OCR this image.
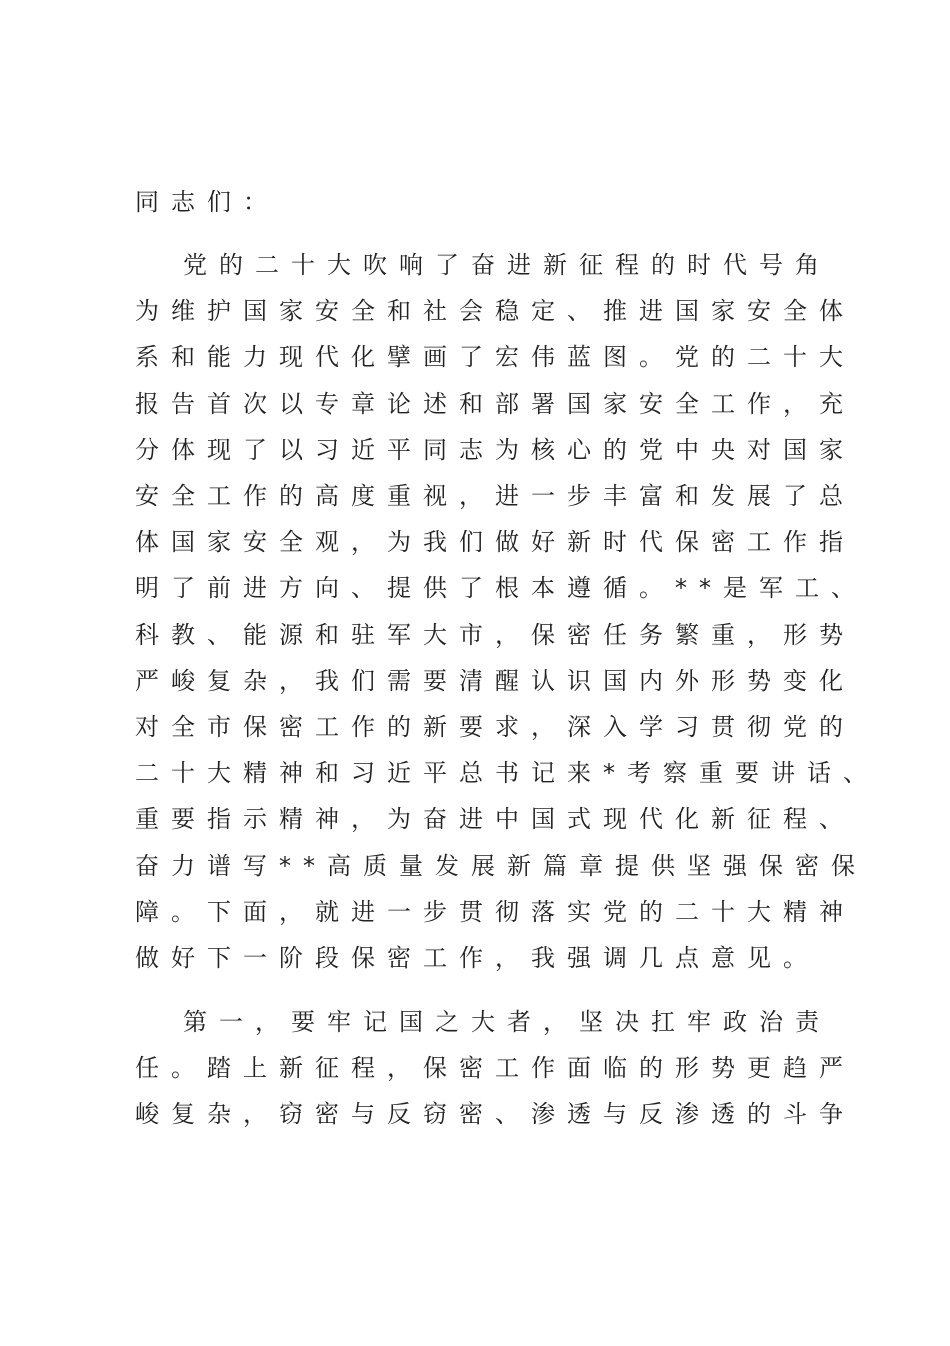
同志们：
党的二十大吹响了奋进新征程的时代号角
为维护国家安全和社会稳定、推进国家安全体
系和能力现代化擘画了宏伟蓝图。党的二十大
报告首次以专章论述和部署国家安全工作，充
分体现了以习近平同志为核心的党中央对国家
安全工作的高度重视，进一步丰富和发展了总
体国家安全观，为我们做好新时代保密工作指
明了前进方向、提供了根本遵循。**是军工、
科教、能源和驻军大市，保密任务繁重，形势
严峻复杂，我们需要清醒认识国内外形势变化
对全市保密工作的新要求，深入学习贯彻党的
二十大精神和习近平总书记来*考察重要讲话、
重要指示精神，为奋进中国式现代化新征程、
奋力谱写**高质量发展新篇章提供坚强保密保
障。下面，就进一步贯彻落实党的二十大精神
做好下一阶段保密工作，我强调几点意见。
第一，要牢记国之大者，坚决扛牢政治责
任。踏上新征程，保密工作面临的形势更趋严
峻复杂，窃密与反窃密、渗透与反渗透的斗争
